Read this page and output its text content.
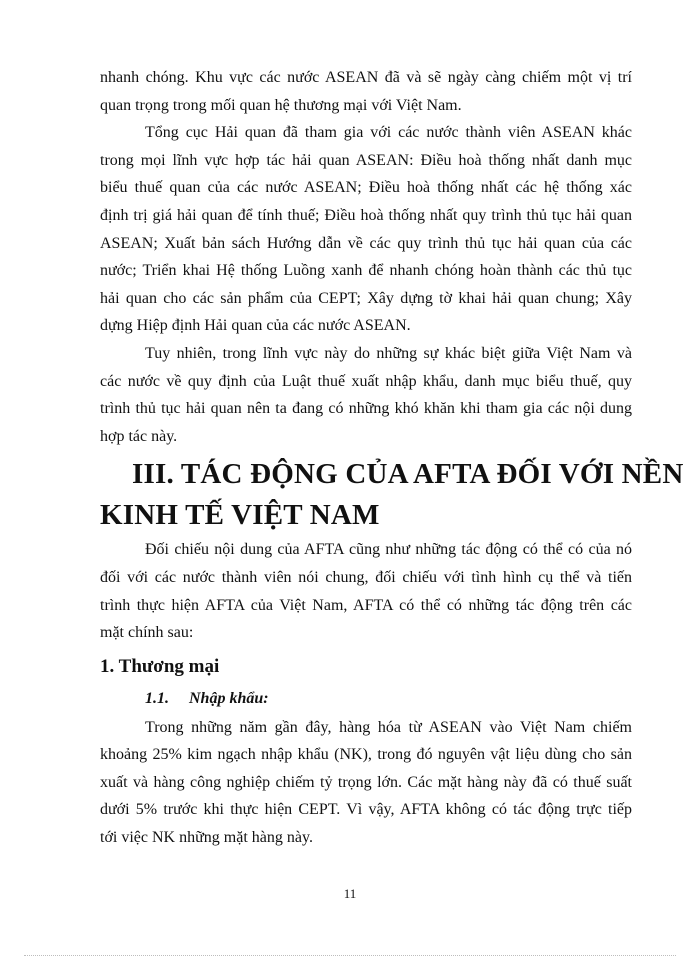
nhanh chóng. Khu vực các nước ASEAN đã và sẽ ngày càng chiếm một vị trí
quan trọng trong mối quan hệ thương mại với Việt Nam.

Tổng cục Hải quan đã tham gia với các nước thành viên ASEAN khác
trong mọi lĩnh vực hợp tác hải quan ASEAN: Điều hoà thống nhất danh mục
biểu thuế quan của các nước ASEAN; Điều hoà thống nhất các hệ thống xác
định trị giá hải quan để tính thuế; Điều hoà thống nhất quy trình thủ tục hải quan
ASEAN; Xuất bản sách Hướng dẫn về các quy trình thủ tục hải quan của các
nước; Triển khai Hệ thống Luồng xanh để nhanh chóng hoàn thành các thủ tục
hải quan cho các sản phẩm của CEPT; Xây dựng tờ khai hải quan chung; Xây
dựng Hiệp định Hải quan của các nước ASEAN.

Tuy nhiên, trong lĩnh vực này do những sự khác biệt giữa Việt Nam và
các nước về quy định của Luật thuế xuất nhập khẩu, danh mục biểu thuế, quy
trình thủ tục hải quan nên ta đang có những khó khăn khi tham gia các nội dung
hợp tác này.

III. TÁC ĐỘNG CỦA AFTA ĐỐI VỚI NỀN
KINH TẾ VIỆT NAM

Đối chiếu nội dung của AFTA cũng như những tác động có thể có của nó
đối với các nước thành viên nói chung, đối chiếu với tình hình cụ thể và tiến
trình thực hiện AFTA của Việt Nam, AFTA có thể có những tác động trên các
mặt chính sau:

1. Thương mại
1.1. Nhập khẩu:

Trong những năm gần đây, hàng hóa từ ASEAN vào Việt Nam chiếm
khoảng 25% kim ngạch nhập khẩu (NK), trong đó nguyên vật liệu dùng cho sản
xuất và hàng công nghiệp chiếm tỷ trọng lớn. Các mặt hàng này đã có thuế suất
dưới 5% trước khi thực hiện CEPT. Vì vậy, AFTA không có tác động trực tiếp
tới việc NK những mặt hàng này.

11
